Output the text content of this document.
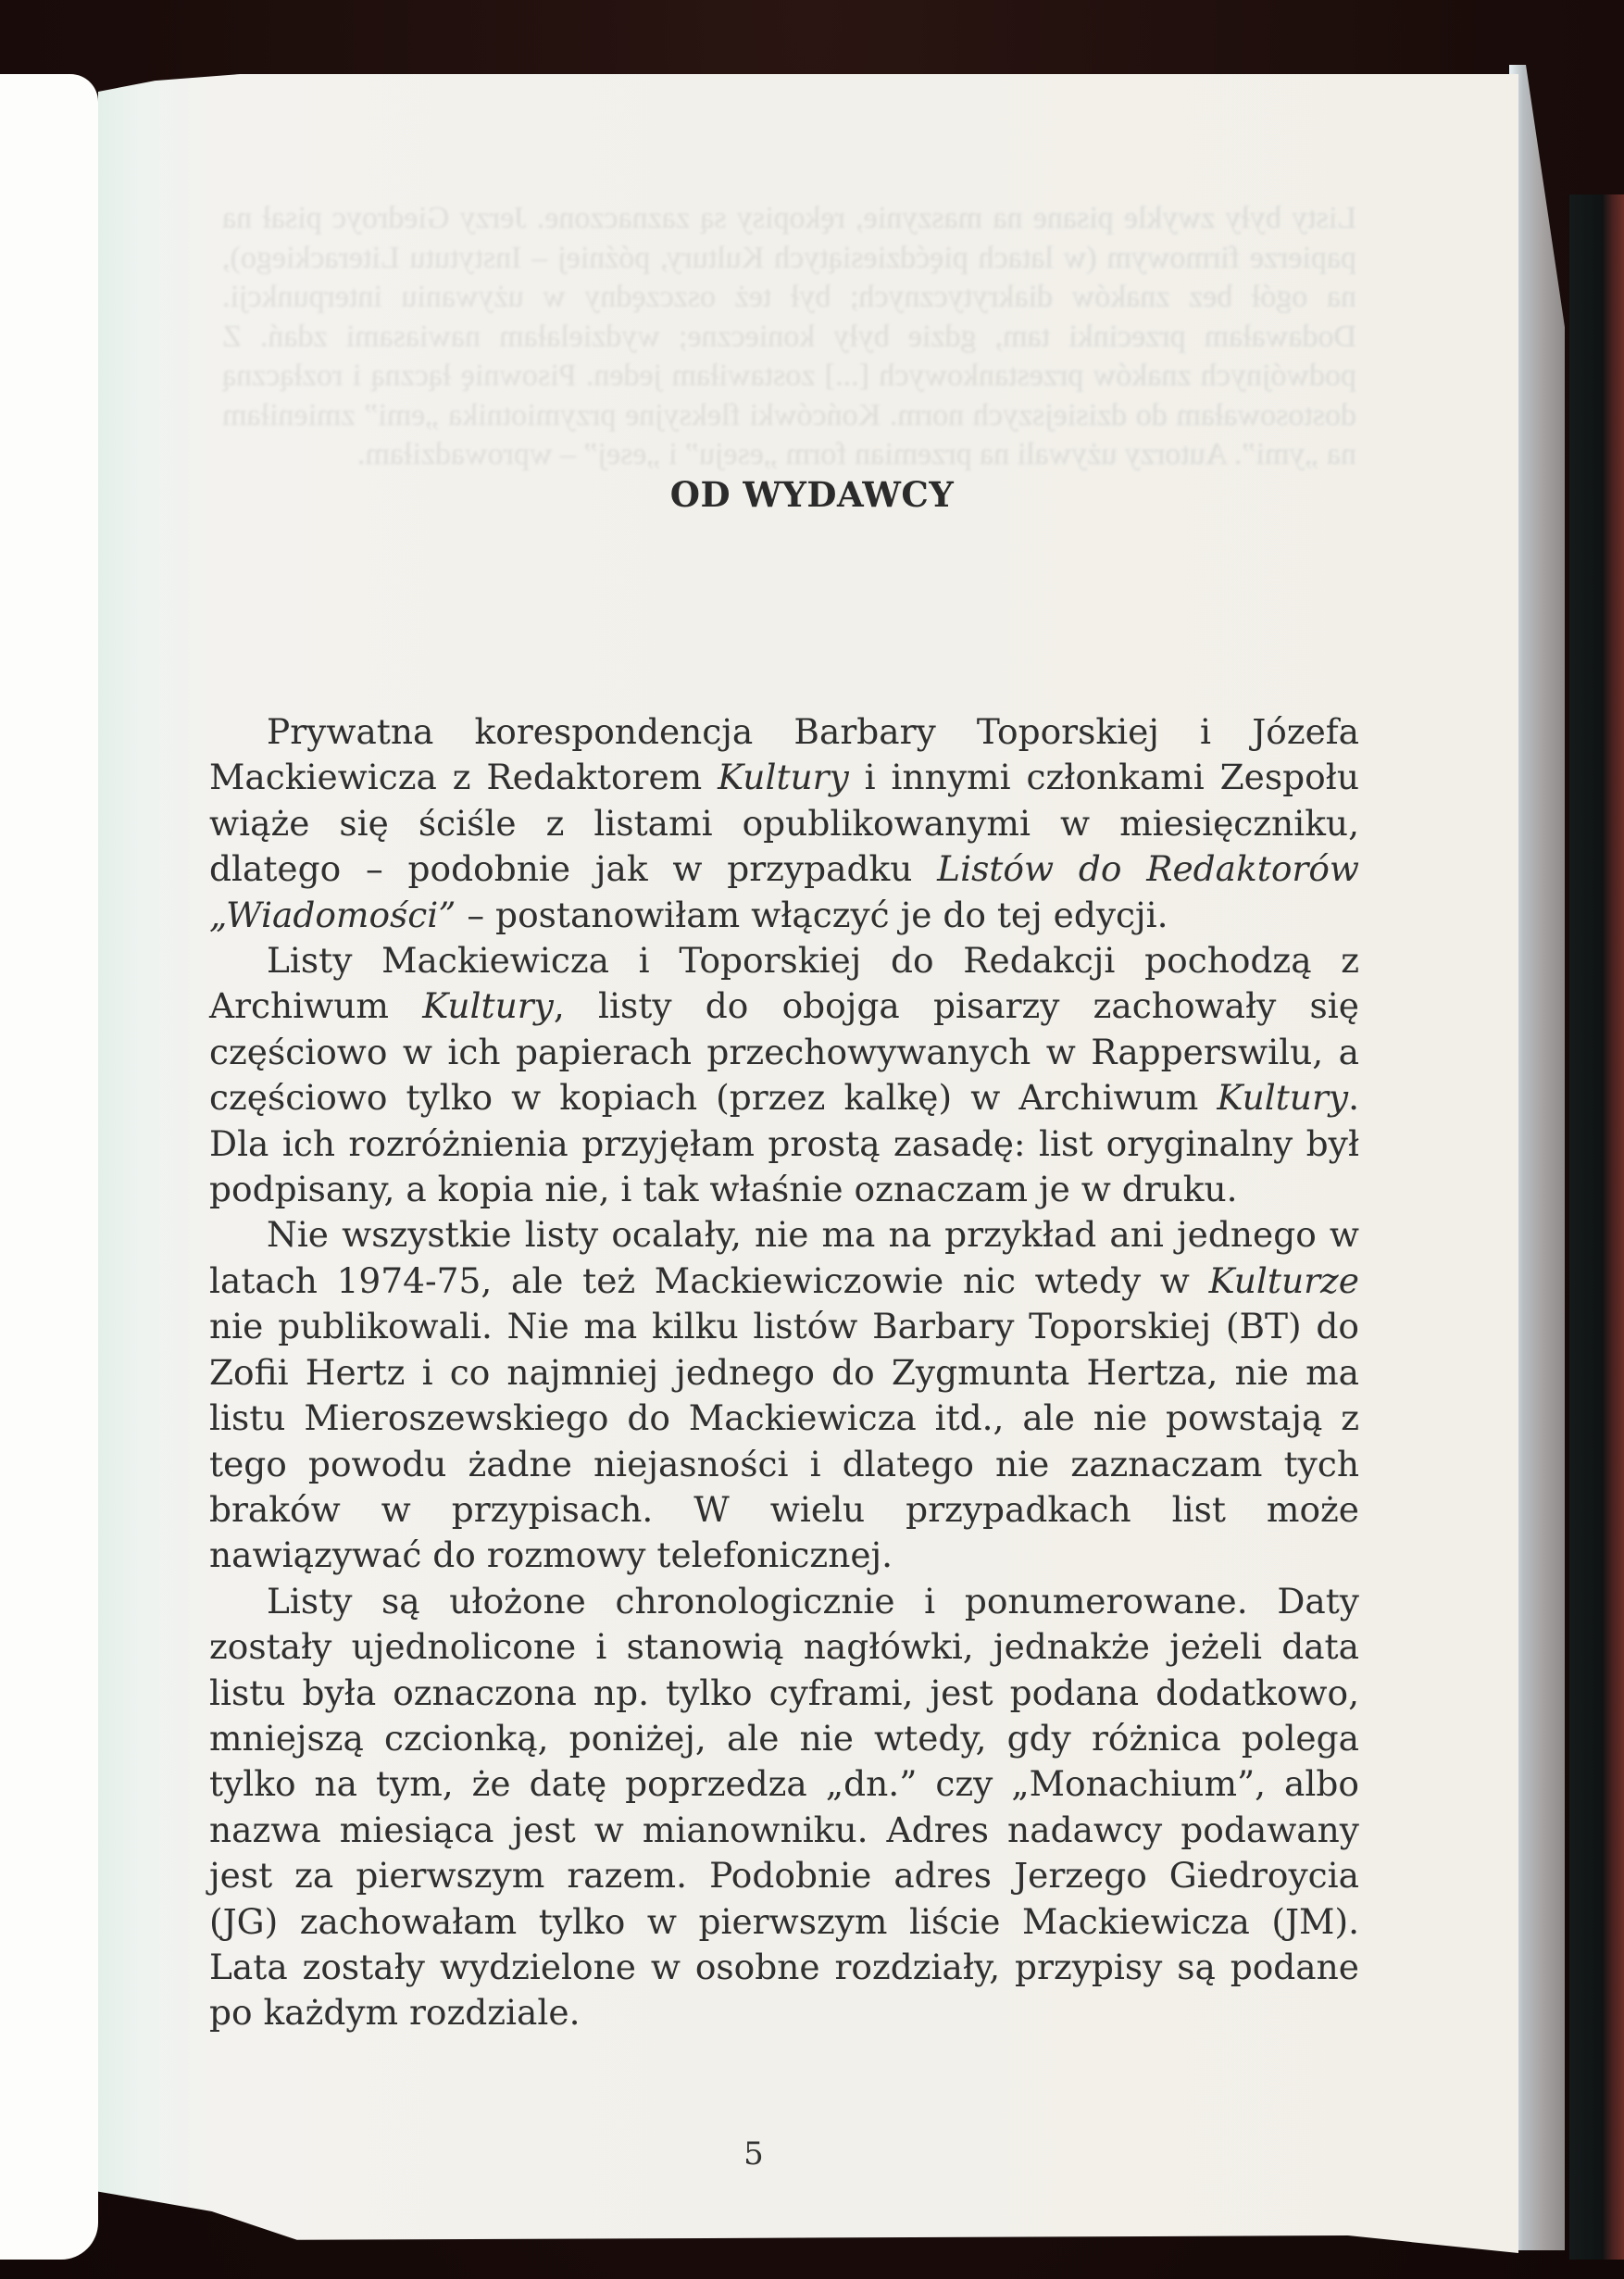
OD WYDAWCY

Prywatna korespondencja Barbary Toporskiej i Józefa Mackiewicza z Redaktorem Kultury i innymi członkami Zespołu wiąże się ściśle z listami opublikowanymi w miesięczniku, dlatego – podobnie jak w przypadku Listów do Redaktorów „Wiadomości” – postanowiłam włączyć je do tej edycji.

Listy Mackiewicza i Toporskiej do Redakcji pochodzą z Archiwum Kultury, listy do obojga pisarzy zachowały się częściowo w ich papierach przechowywanych w Rapperswilu, a częściowo tylko w kopiach (przez kalkę) w Archiwum Kultury. Dla ich rozróżnienia przyjęłam prostą zasadę: list oryginalny był podpisany, a kopia nie, i tak właśnie oznaczam je w druku.

Nie wszystkie listy ocalały, nie ma na przykład ani jednego w latach 1974-75, ale też Mackiewiczowie nic wtedy w Kulturze nie publikowali. Nie ma kilku listów Barbary Toporskiej (BT) do Zofii Hertz i co najmniej jednego do Zygmunta Hertza, nie ma listu Mieroszewskiego do Mackiewicza itd., ale nie powstają z tego powodu żadne niejasności i dlatego nie zaznaczam tych braków w przypisach. W wielu przypadkach list może nawiązywać do rozmowy telefonicznej.

Listy są ułożone chronologicznie i ponumerowane. Daty zostały ujednolicone i stanowią nagłówki, jednakże jeżeli data listu była oznaczona np. tylko cyframi, jest podana dodatkowo, mniejszą czcionką, poniżej, ale nie wtedy, gdy różnica polega tylko na tym, że datę poprzedza „dn.” czy „Monachium”, albo nazwa miesiąca jest w mianowniku. Adres nadawcy podawany jest za pierwszym razem. Podobnie adres Jerzego Giedroycia (JG) zachowałam tylko w pierwszym liście Mackiewicza (JM). Lata zostały wydzielone w osobne rozdziały, przypisy są podane po każdym rozdziale.

5
